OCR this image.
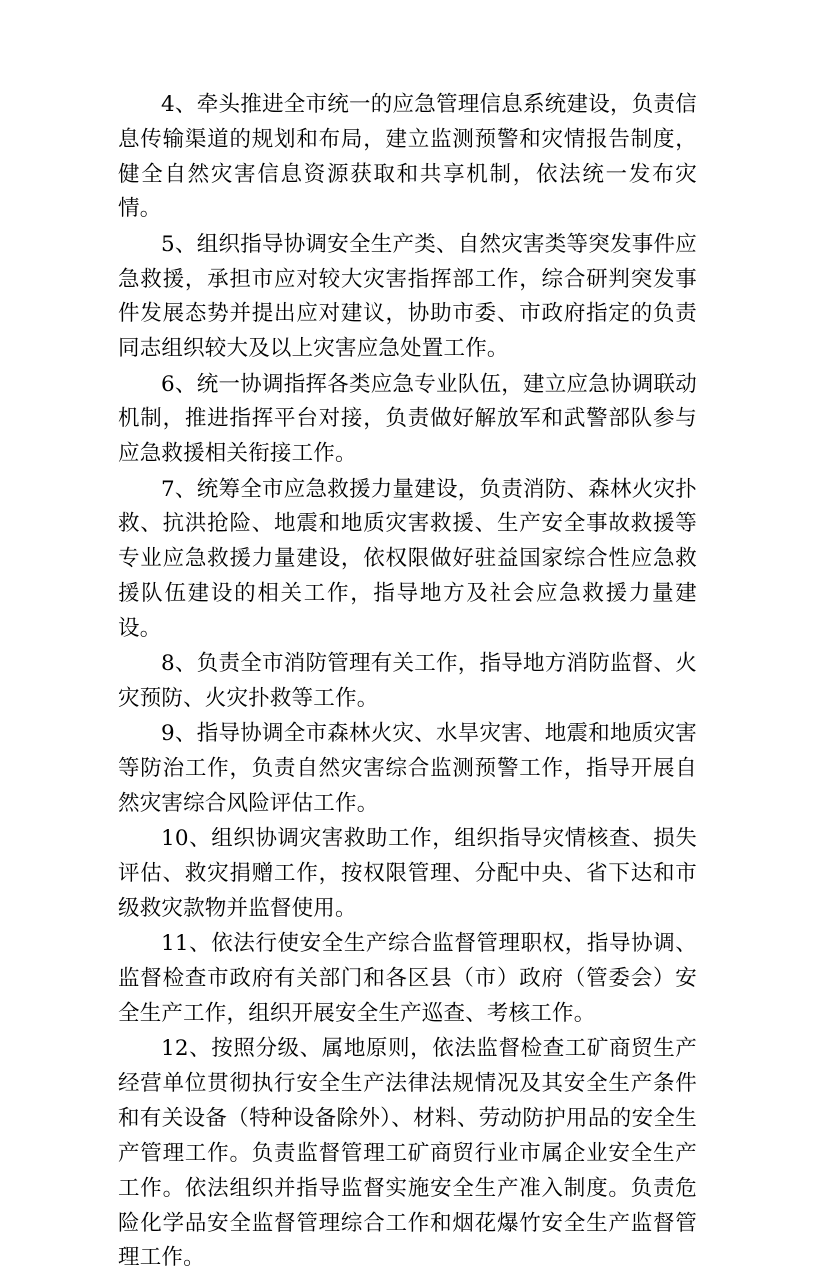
4、牵头推进全市统一的应急管理信息系统建设，负责信息传输渠道的规划和布局，建立监测预警和灾情报告制度，健全自然灾害信息资源获取和共享机制，依法统一发布灾情。

5、组织指导协调安全生产类、自然灾害类等突发事件应急救援，承担市应对较大灾害指挥部工作，综合研判突发事件发展态势并提出应对建议，协助市委、市政府指定的负责同志组织较大及以上灾害应急处置工作。

6、统一协调指挥各类应急专业队伍，建立应急协调联动机制，推进指挥平台对接，负责做好解放军和武警部队参与应急救援相关衔接工作。

7、统筹全市应急救援力量建设，负责消防、森林火灾扑救、抗洪抢险、地震和地质灾害救援、生产安全事故救援等专业应急救援力量建设，依权限做好驻益国家综合性应急救援队伍建设的相关工作，指导地方及社会应急救援力量建设。

8、负责全市消防管理有关工作，指导地方消防监督、火灾预防、火灾扑救等工作。

9、指导协调全市森林火灾、水旱灾害、地震和地质灾害等防治工作，负责自然灾害综合监测预警工作，指导开展自然灾害综合风险评估工作。

10、组织协调灾害救助工作，组织指导灾情核查、损失评估、救灾捐赠工作，按权限管理、分配中央、省下达和市级救灾款物并监督使用。

11、依法行使安全生产综合监督管理职权，指导协调、监督检查市政府有关部门和各区县（市）政府（管委会）安全生产工作，组织开展安全生产巡查、考核工作。

12、按照分级、属地原则，依法监督检查工矿商贸生产经营单位贯彻执行安全生产法律法规情况及其安全生产条件和有关设备（特种设备除外）、材料、劳动防护用品的安全生产管理工作。负责监督管理工矿商贸行业市属企业安全生产工作。依法组织并指导监督实施安全生产准入制度。负责危险化学品安全监督管理综合工作和烟花爆竹安全生产监督管理工作。
